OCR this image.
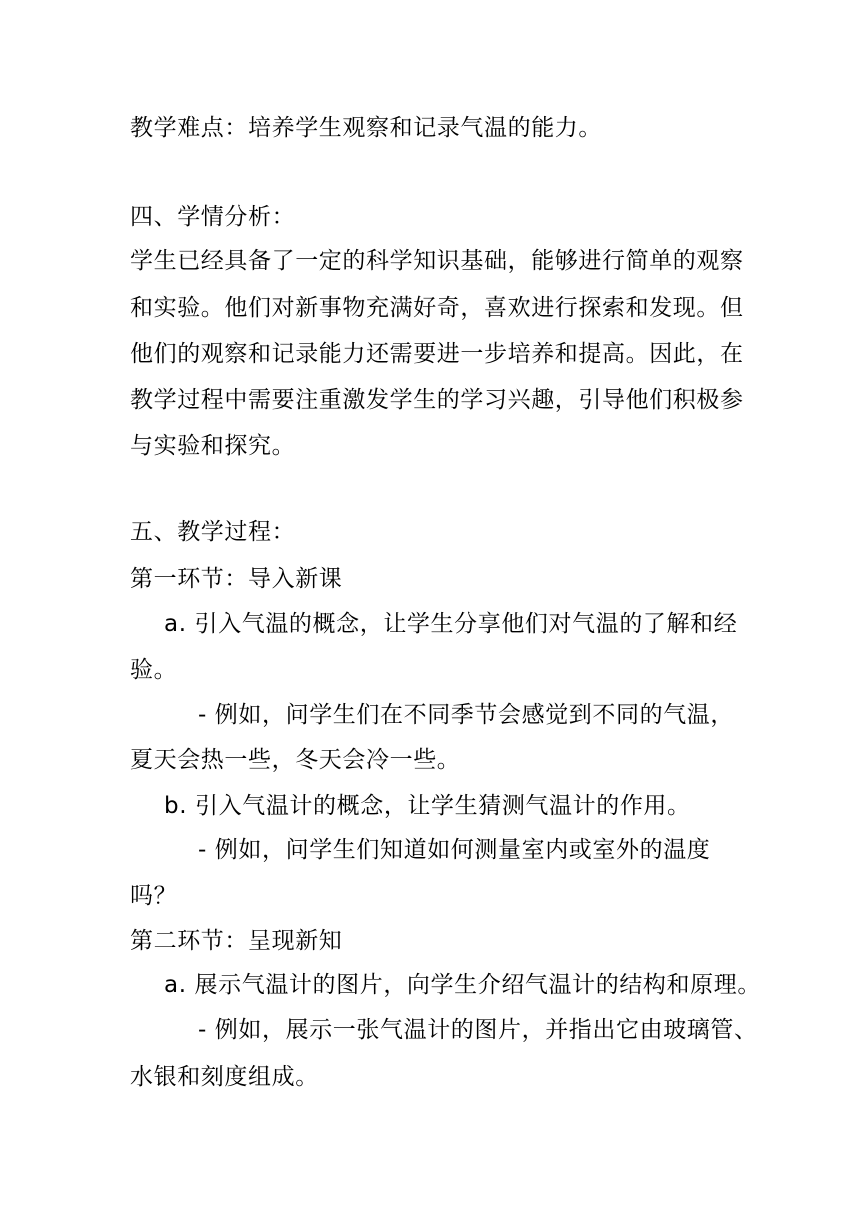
教学难点：培养学生观察和记录气温的能力。
四、学情分析：
学生已经具备了一定的科学知识基础，能够进行简单的观察
和实验。他们对新事物充满好奇，喜欢进行探索和发现。但
他们的观察和记录能力还需要进一步培养和提高。因此，在
教学过程中需要注重激发学生的学习兴趣，引导他们积极参
与实验和探究。
五、教学过程：
第一环节：导入新课
a. 引入气温的概念，让学生分享他们对气温的了解和经
验。
- 例如，问学生们在不同季节会感觉到不同的气温，
夏天会热一些，冬天会冷一些。
b. 引入气温计的概念，让学生猜测气温计的作用。
- 例如，问学生们知道如何测量室内或室外的温度
吗？
第二环节：呈现新知
a. 展示气温计的图片，向学生介绍气温计的结构和原理。
- 例如，展示一张气温计的图片，并指出它由玻璃管、
水银和刻度组成。
